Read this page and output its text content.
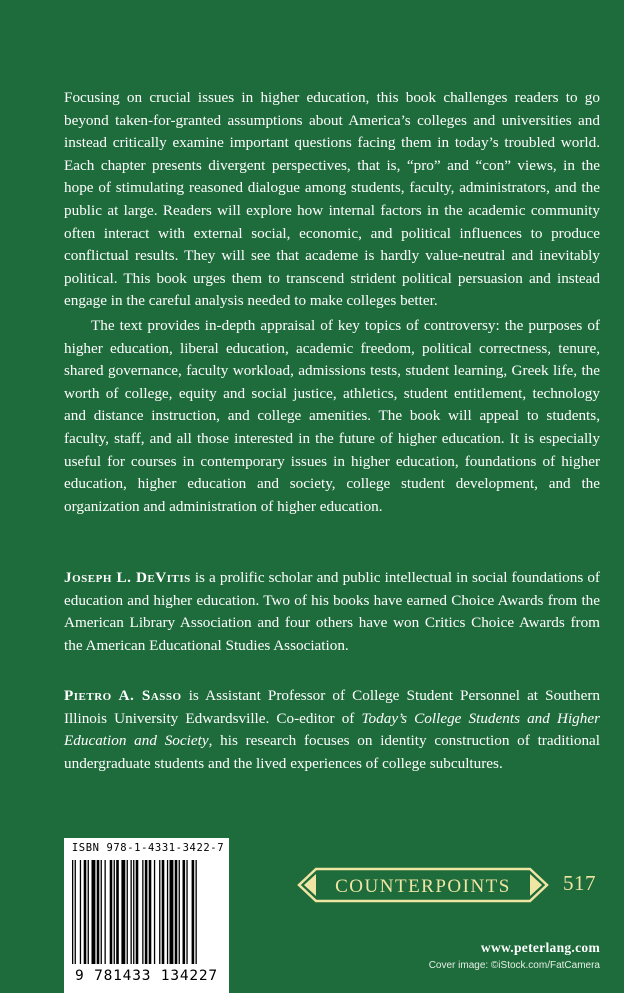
Focusing on crucial issues in higher education, this book challenges readers to go beyond taken-for-granted assumptions about America’s colleges and universities and instead critically examine important questions facing them in today’s troubled world. Each chapter presents divergent perspectives, that is, “pro” and “con” views, in the hope of stimulating reasoned dialogue among students, faculty, administrators, and the public at large. Readers will explore how internal factors in the academic community often interact with external social, economic, and political influences to produce conflictual results. They will see that academe is hardly value-neutral and inevitably political. This book urges them to transcend strident political persuasion and instead engage in the careful analysis needed to make colleges better.

The text provides in-depth appraisal of key topics of controversy: the purposes of higher education, liberal education, academic freedom, political correctness, tenure, shared governance, faculty workload, admissions tests, student learning, Greek life, the worth of college, equity and social justice, athletics, student entitlement, technology and distance instruction, and college amenities. The book will appeal to students, faculty, staff, and all those interested in the future of higher education. It is especially useful for courses in contemporary issues in higher education, foundations of higher education, higher education and society, college student development, and the organization and administration of higher education.

Joseph L. DeVitis is a prolific scholar and public intellectual in social foundations of education and higher education. Two of his books have earned Choice Awards from the American Library Association and four others have won Critics Choice Awards from the American Educational Studies Association.

Pietro A. Sasso is Assistant Professor of College Student Personnel at Southern Illinois University Edwardsville. Co-editor of Today’s College Students and Higher Education and Society, his research focuses on identity construction of traditional undergraduate students and the lived experiences of college subcultures.

ISBN 978-1-4331-3422-7
9 781433 134227
COUNTERPOINTS 517
www.peterlang.com
Cover image: ©iStock.com/FatCamera
